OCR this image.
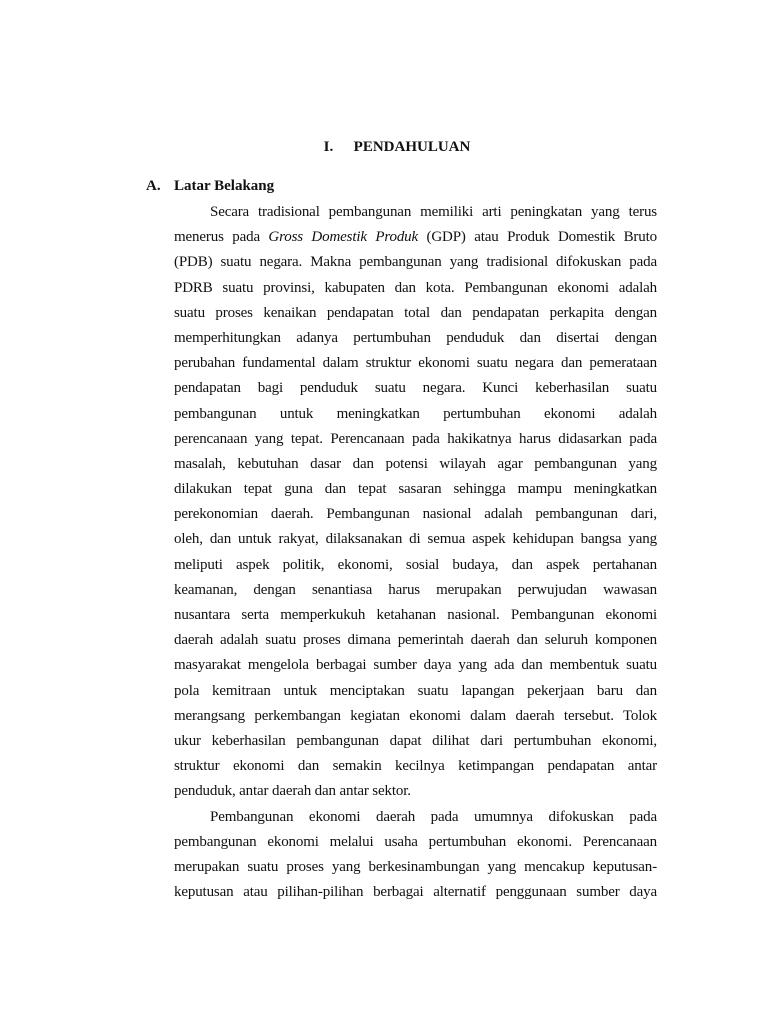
I. PENDAHULUAN
A. Latar Belakang

Secara tradisional pembangunan memiliki arti peningkatan yang terus
menerus pada Gross Domestik Produk (GDP) atau Produk Domestik Bruto
(PDB) suatu negara. Makna pembangunan yang tradisional difokuskan pada
PDRB suatu provinsi, kabupaten dan kota. Pembangunan ekonomi adalah
suatu proses kenaikan pendapatan total dan pendapatan perkapita dengan
memperhitungkan adanya pertumbuhan penduduk dan disertai dengan
perubahan fundamental dalam struktur ekonomi suatu negara dan pemerataan
pendapatan bagi penduduk suatu negara. Kunci keberhasilan suatu
pembangunan untuk meningkatkan pertumbuhan ekonomi adalah
perencanaan yang tepat. Perencanaan pada hakikatnya harus didasarkan pada
masalah, kebutuhan dasar dan potensi wilayah agar pembangunan yang
dilakukan tepat guna dan tepat sasaran sehingga mampu meningkatkan
perekonomian daerah. Pembangunan nasional adalah pembangunan dari,
oleh, dan untuk rakyat, dilaksanakan di semua aspek kehidupan bangsa yang
meliputi aspek politik, ekonomi, sosial budaya, dan aspek pertahanan
keamanan, dengan senantiasa harus merupakan perwujudan wawasan
nusantara serta memperkukuh ketahanan nasional. Pembangunan ekonomi
daerah adalah suatu proses dimana pemerintah daerah dan seluruh komponen
masyarakat mengelola berbagai sumber daya yang ada dan membentuk suatu
pola kemitraan untuk menciptakan suatu lapangan pekerjaan baru dan
merangsang perkembangan kegiatan ekonomi dalam daerah tersebut. Tolok
ukur keberhasilan pembangunan dapat dilihat dari pertumbuhan ekonomi,
struktur ekonomi dan semakin kecilnya ketimpangan pendapatan antar
penduduk, antar daerah dan antar sektor.

Pembangunan ekonomi daerah pada umumnya difokuskan pada
pembangunan ekonomi melalui usaha pertumbuhan ekonomi. Perencanaan
merupakan suatu proses yang berkesinambungan yang mencakup keputusan-
keputusan atau pilihan-pilihan berbagai alternatif penggunaan sumber daya
